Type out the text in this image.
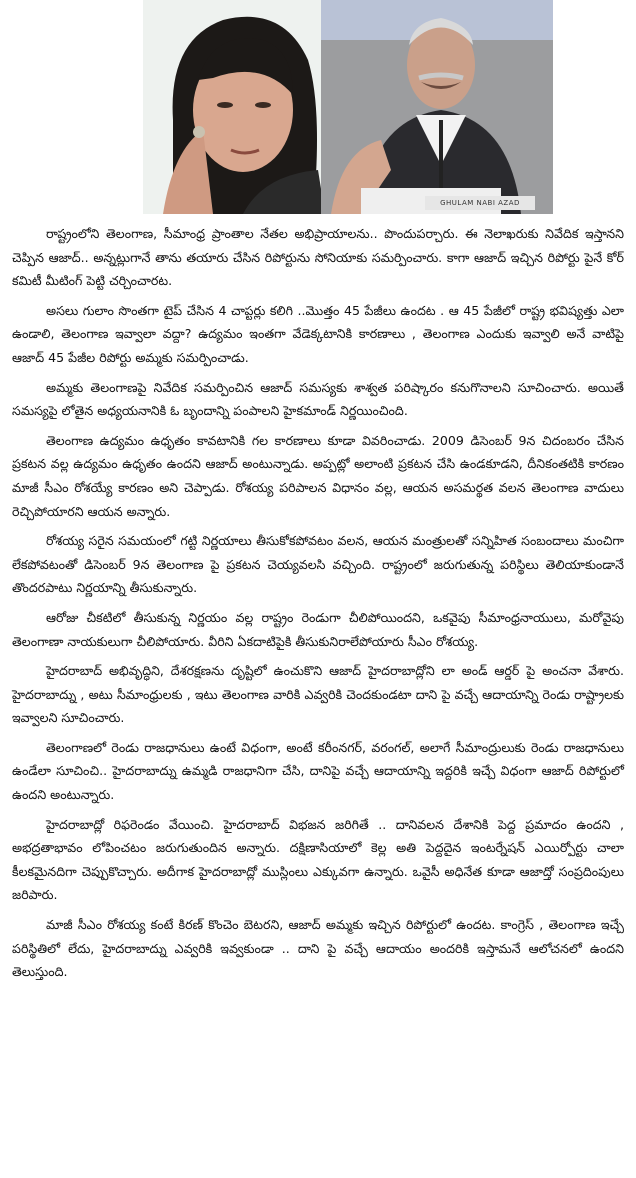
GHULAM NABI AZAD

రాష్ట్రంలోని తెలంగాణ, సీమాంధ్ర ప్రాంతాల నేతల అభిప్రాయాలను.. పొందుపర్చారు. ఈ నెలాఖరుకు నివేదిక ఇస్తానని చెప్పిన ఆజాద్.. అన్నట్లుగానే తాను తయారు చేసిన రిపోర్టును సోనియాకు సమర్పించారు. కాగా ఆజాద్ ఇచ్చిన రిపోర్టు పైనే కోర్ కమిటీ మీటింగ్ పెట్టి చర్చించారట.

అసలు గులాం సొంతగా టైప్ చేసిన 4 చాప్టర్లు కలిగి ..మొత్తం 45 పేజీలు ఉందట . ఆ 45 పేజీలో రాష్ట్ర భవిష్యత్తు ఎలా ఉండాలి, తెలంగాణ ఇవ్వాలా వద్దా? ఉద్యమం ఇంతగా వేడెక్కటానికి కారణాలు , తెలంగాణ ఎందుకు ఇవ్వాలి అనే వాటిపై ఆజాద్ 45 పేజీల రిపోర్టు అమ్మకు సమర్పించాడు.

అమ్మకు తెలంగాణపై నివేదిక సమర్పించిన ఆజాద్ సమస్యకు శాశ్వత పరిష్కారం కనుగొనాలని సూచించారు. అయితే సమస్యపై లోతైన అధ్యయనానికి ఓ బృందాన్ని పంపాలని హైకమాండ్ నిర్ణయించింది.

తెలంగాణ ఉద్యమం ఉధృతం కావటానికి గల కారణాలు కూడా వివరించాడు. 2009 డిసెంబర్ 9న చిదంబరం చేసిన ప్రకటన వల్ల ఉద్యమం ఉధృతం ఉందని ఆజాద్ అంటున్నాడు. అప్పట్లో అలాంటి ప్రకటన చేసి ఉండకూడని, దీనికంతటికి కారణం మాజీ సీఎం రోశయ్యే కారణం అని చెప్పాడు. రోశయ్య పరిపాలన విధానం వల్ల, ఆయన అసమర్థత వలన తెలంగాణ వాదులు రెచ్చిపోయారని ఆయన అన్నారు.

రోశయ్య సరైన సమయంలో గట్టి నిర్ణయాలు తీసుకోకపోవటం వలన, ఆయన మంత్రులతో సన్నిహిత సంబందాలు మంచిగా లేకపోవటంతో డిసెంబర్ 9న తెలంగాణ పై ప్రకటన చెయ్యవలసి వచ్చింది. రాష్ట్రంలో జరుగుతున్న పరిస్థిలు తెలియాకుండానే తొందరపాటు నిర్ణయాన్ని తీసుకున్నారు.

ఆరోజు చీకటిలో తీసుకున్న నిర్ణయం వల్ల రాష్ట్రం రెండుగా చీలిపోయిందని, ఒకవైపు సీమాంధ్రనాయులు, మరోవైపు తెలంగాణా నాయకులుగా చీలిపోయారు. వీరిని ఏకదాటిపైకి తీసుకునిరాలేపోయారు సీఎం రోశయ్య.

హైదరాబాద్ అభివృద్ధిని, దేశరక్షణను దృష్టిలో ఉంచుకొని ఆజాద్ హైదరాబాద్లోని లా అండ్ ఆర్డర్ పై అంచనా వేశారు. హైదరాబాద్ను , అటు సీమాంధ్రులకు , ఇటు తెలంగాణ వారికి ఎవ్వరికి చెందకుండటా దాని పై వచ్చే ఆదాయాన్ని రెండు రాష్ట్రాలకు ఇవ్వాలని సూచించారు.

తెలంగాణలో రెండు రాజధానులు ఉంటే విధంగా, అంటే కరీంనగర్, వరంగల్, అలాగే సీమాంద్రులుకు రెండు రాజధానులు ఉండేలా సూచించి.. హైదరాబాద్ను ఉమ్మడి రాజధానిగా చేసి, దానిపై వచ్చే ఆదాయాన్ని ఇద్దరికి ఇచ్చే విధంగా ఆజాద్ రిపోర్టులో ఉందని అంటున్నారు.

హైదరాబాద్లో రిఫరెండం వేయించి. హైదరాబాద్ విభజన జరిగితే .. దానివలన దేశానికి పెద్ద ప్రమాదం ఉందని , అభద్రతాభావం లోపించటం జరుగుతుందిన అన్నారు. దక్షిణాసియాలో కెల్ల అతి పెద్దదైన ఇంటర్నేషన్ ఎయిర్పోర్టు చాలా కీలకమైనదిగా చెప్పుకొచ్చారు. అదీగాక హైదరాబాద్లో ముస్లింలు ఎక్కువగా ఉన్నారు. ఒవైసీ అధినేత కూడా ఆజాద్తో సంప్రదింపులు జరిపారు.

మాజీ సీఎం రోశయ్య కంటే కిరణ్ కొంచెం బెటరని, ఆజాద్ అమ్మకు ఇచ్చిన రిపోర్టులో ఉందట. కాంగ్రెస్ , తెలంగాణ ఇచ్చే పరిస్థితిలో లేదు, హైదరాబాద్ను ఎవ్వరికి ఇవ్వకుండా .. దాని పై వచ్చే ఆదాయం అందరికి ఇస్తామనే ఆలోచనలో ఉందని తెలుస్తుంది.
